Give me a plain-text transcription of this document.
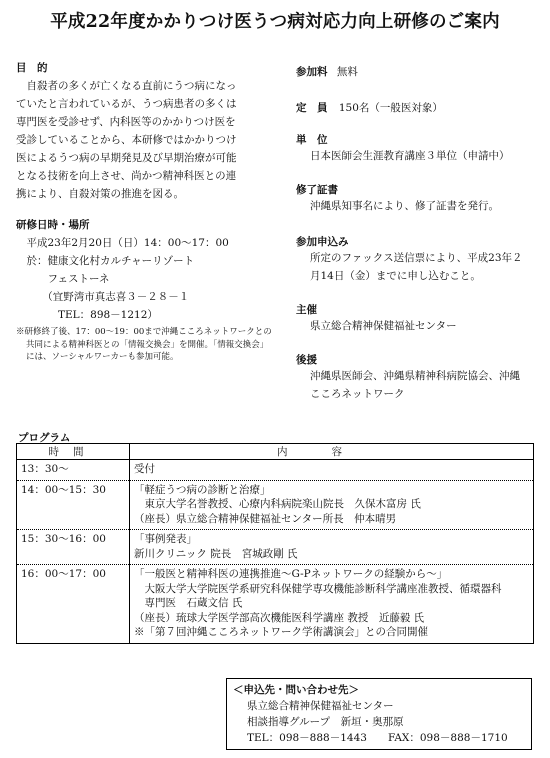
平成22年度かかりつけ医うつ病対応力向上研修のご案内
目　的
　自殺者の多くが亡くなる直前にうつ病になっ
ていたと言われているが、うつ病患者の多くは
専門医を受診せず、内科医等のかかりつけ医を
受診していることから、本研修ではかかりつけ
医によるうつ病の早期発見及び早期治療が可能
となる技術を向上させ、尚かつ精神科医との連
携により、自殺対策の推進を図る。
研修日時・場所
　平成23年2月20日（日）14：00～17：00
　於：健康文化村カルチャーリゾート
　　　フェストーネ
　　　（宜野湾市真志喜３－２８－１
　　　　TEL：898－1212）
※研修終了後、17：00～19：00まで沖縄こころネットワークとの共同による精神科医との「情報交換会」を開催。「情報交換会」には、ソーシャルワーカーも参加可能。
参加料 無料
定　員 150名（一般医対象）
単　位
日本医師会生涯教育講座３単位（申請中）
修了証書
沖縄県知事名により、修了証書を発行。
参加申込み
所定のファックス送信票により、平成23年２
月14日（金）までに申し込むこと。
主催
県立総合精神保健福祉センター
後援
沖縄県医師会、沖縄県精神科病院協会、沖縄
こころネットワーク
プログラム
時間	内容
13：30～	受付

14：00～15：30	「軽症うつ病の診断と治療」
　東京大学名誉教授、心療内科病院楽山院長　久保木富房 氏
（座長）県立総合精神保健福祉センター所長　仲本晴男

15：30～16：00	「事例発表」
新川クリニック 院長　宮城政剛 氏

16：00～17：00	「一般医と精神科医の連携推進～G-Pネットワークの経験から～」
　大阪大学大学院医学系研究科保健学専攻機能診断科学講座准教授、循環器科
　専門医　石蔵文信 氏
（座長）琉球大学医学部高次機能医科学講座 教授　近藤毅 氏
※「第７回沖縄こころネットワーク学術講演会」との合同開催
＜申込先・問い合わせ先＞
県立総合精神保健福祉センター
相談指導グループ　新垣・奥那原
TEL：098－888－1443　　FAX：098－888－1710
